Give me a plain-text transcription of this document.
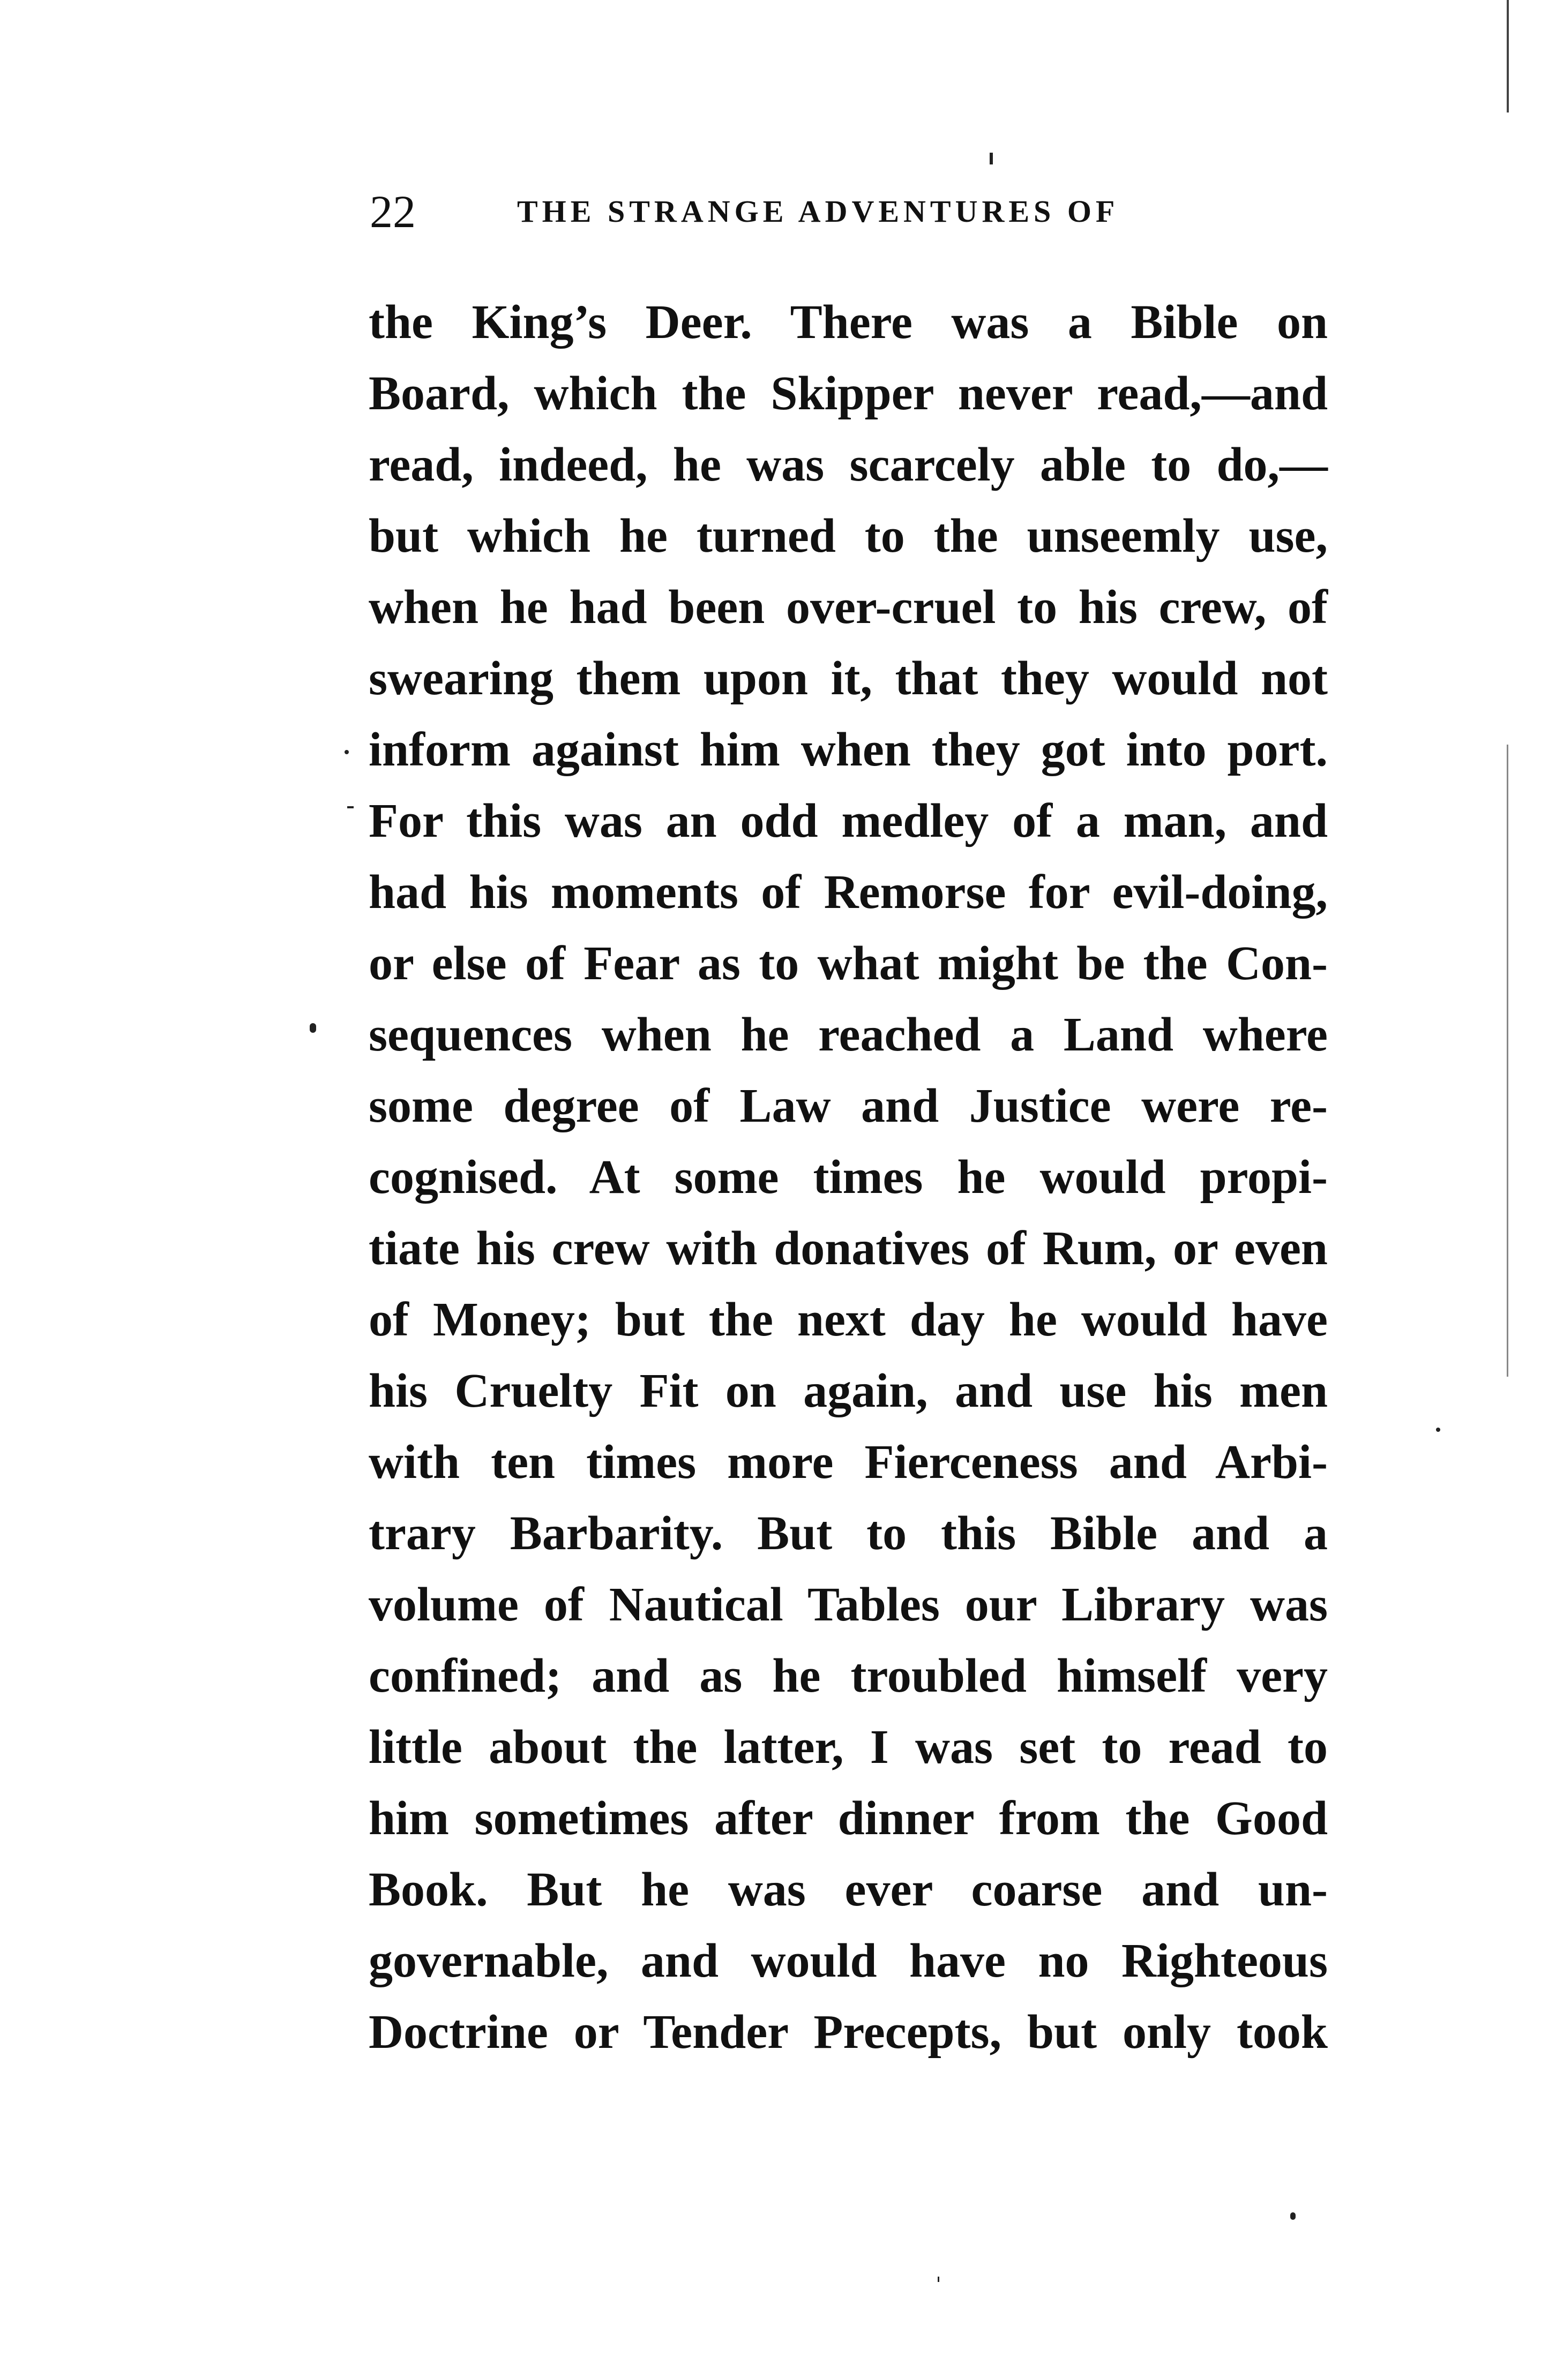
22	THE STRANGE ADVENTURES OF
the King’s Deer. There was a Bible on
Board, which the Skipper never read,—and
read, indeed, he was scarcely able to do,—
but which he turned to the unseemly use,
when he had been over-cruel to his crew, of
swearing them upon it, that they would not
inform against him when they got into port.
For this was an odd medley of a man, and
had his moments of Remorse for evil-doing,
or else of Fear as to what might be the Con-
sequences when he reached a Land where
some degree of Law and Justice were re-
cognised. At some times he would propi-
tiate his crew with donatives of Rum, or even
of Money; but the next day he would have
his Cruelty Fit on again, and use his men
with ten times more Fierceness and Arbi-
trary Barbarity. But to this Bible and a
volume of Nautical Tables our Library was
confined; and as he troubled himself very
little about the latter, I was set to read to
him sometimes after dinner from the Good
Book. But he was ever coarse and un-
governable, and would have no Righteous
Doctrine or Tender Precepts, but only took
